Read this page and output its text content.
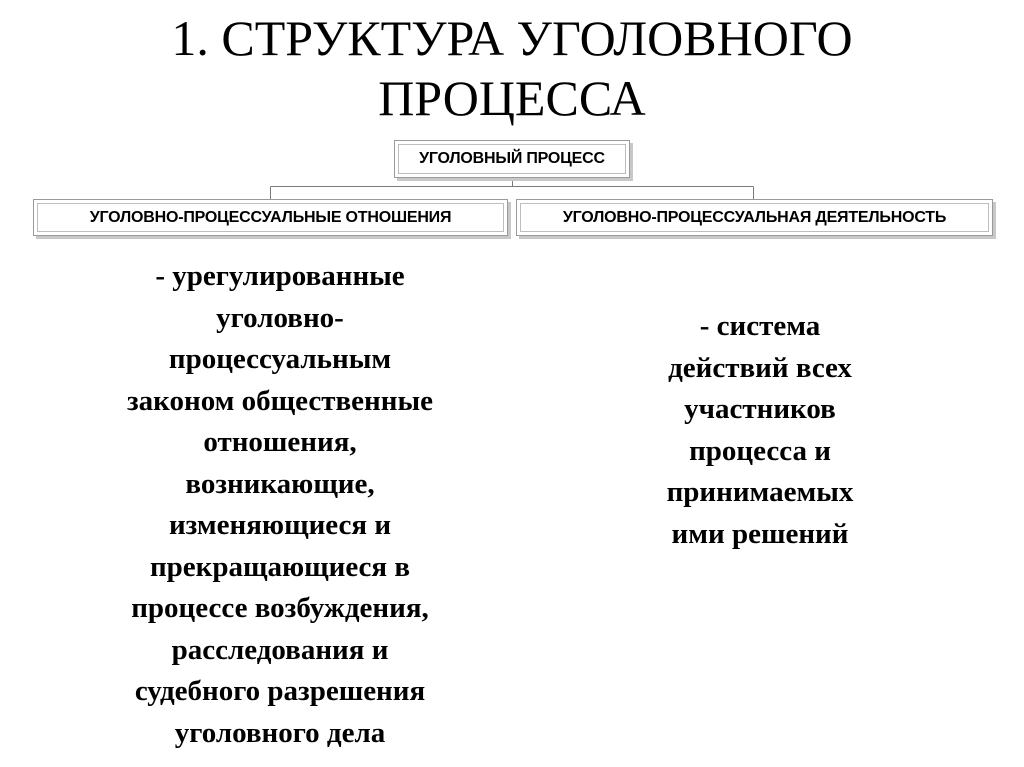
1. СТРУКТУРА УГОЛОВНОГО
ПРОЦЕССА
УГОЛОВНЫЙ ПРОЦЕСС
УГОЛОВНО-ПРОЦЕССУАЛЬНЫЕ ОТНОШЕНИЯ	УГОЛОВНО-ПРОЦЕССУАЛЬНАЯ ДЕЯТЕЛЬНОСТЬ
- урегулированные
уголовно-
процессуальным
законом общественные
отношения,
возникающие,
изменяющиеся и
прекращающиеся в
процессе возбуждения,
расследования и
судебного разрешения
уголовного дела
- система
действий всех
участников
процесса и
принимаемых
ими решений
